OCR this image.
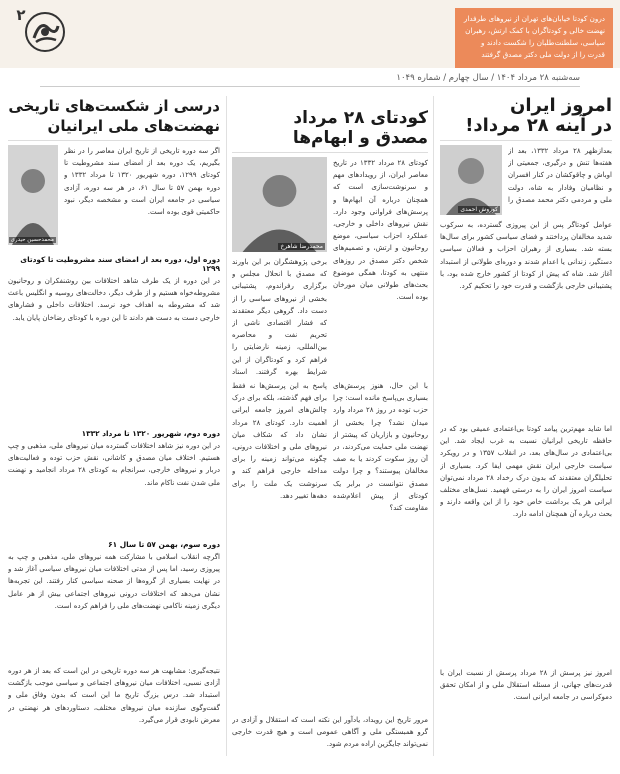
درون کودتا خیابان‌های تهران از نیروهای طرفدار نهضت خالی و کودتاگران با کمک ارتش، رهبران سیاسی، سلطنت‌طلبان را شکست دادند و قدرت را از دولت ملی دکتر مصدق گرفتند
۲
سه‌شنبه ۲۸ مرداد ۱۴۰۴ / سال چهارم / شماره ۱۰۴۹
امروز ایران
در آینه ۲۸ مرداد!
بعدازظهر ۲۸ مرداد ۱۳۳۲، بعد از هفته‌ها تنش و درگیری، جمعیتی از اوباش و چاقوکشان در کنار افسران و نظامیان وفادار به شاه، دولت ملی و مردمی دکتر محمد مصدق را
کوروش احمدی
عوامل کودتاگر پس از این پیروزی گسترده، به سرکوب شدید مخالفان پرداختند و فضای سیاسی کشور برای سال‌ها بسته شد. بسیاری از رهبران احزاب و فعالان سیاسی دستگیر، زندانی یا اعدام شدند و دوره‌ای طولانی از استبداد آغاز شد. شاه که پیش از کودتا از کشور خارج شده بود، با پشتیبانی خارجی بازگشت و قدرت خود را تحکیم کرد.
اما شاید مهم‌ترین پیامد کودتا بی‌اعتمادی عمیقی بود که در حافظه تاریخی ایرانیان نسبت به غرب ایجاد شد. این بی‌اعتمادی در سال‌های بعد، در انقلاب ۱۳۵۷ و در رویکرد سیاست خارجی ایران نقش مهمی ایفا کرد. بسیاری از تحلیلگران معتقدند که بدون درک رخداد ۲۸ مرداد نمی‌توان سیاست امروز ایران را به درستی فهمید. نسل‌های مختلف ایرانی هر یک برداشت خاص خود را از این واقعه دارند و بحث درباره آن همچنان ادامه دارد.
امروز نیز پرسش از ۲۸ مرداد پرسش از نسبت ایران با قدرت‌های جهانی، از مسئله استقلال ملی و از امکان تحقق دموکراسی در جامعه ایرانی است.
کودتای ۲۸ مرداد
مصدق و ابهام‌ها
کودتای ۲۸ مرداد ۱۳۳۲ در تاریخ معاصر ایران، از رویدادهای مهم و سرنوشت‌سازی است که همچنان درباره آن ابهام‌ها و پرسش‌های فراوانی وجود دارد. نقش نیروهای داخلی و خارجی، عملکرد احزاب سیاسی، موضع روحانیون و ارتش، و تصمیم‌های شخص دکتر مصدق در روزهای منتهی به کودتا، همگی موضوع بحث‌های طولانی میان مورخان بوده است.
محمدرضا شاهرخ
برخی پژوهشگران بر این باورند که مصدق با انحلال مجلس و برگزاری رفراندوم، پشتیبانی بخشی از نیروهای سیاسی را از دست داد. گروهی دیگر معتقدند که فشار اقتصادی ناشی از تحریم نفت و محاصره بین‌المللی، زمینه نارضایتی را فراهم کرد و کودتاگران از این شرایط بهره گرفتند. اسناد
با این حال، هنوز پرسش‌های بسیاری بی‌پاسخ مانده است: چرا حزب توده در روز ۲۸ مرداد وارد میدان نشد؟ چرا بخشی از روحانیون و بازاریان که پیشتر از نهضت ملی حمایت می‌کردند، در آن روز سکوت کردند یا به صف مخالفان پیوستند؟ و چرا دولت مصدق نتوانست در برابر یک کودتای از پیش اعلام‌شده مقاومت کند؟
پاسخ به این پرسش‌ها نه فقط برای فهم گذشته، بلکه برای درک چالش‌های امروز جامعه ایرانی اهمیت دارد. کودتای ۲۸ مرداد نشان داد که شکاف میان نیروهای ملی و اختلافات درونی، چگونه می‌تواند زمینه را برای مداخله خارجی فراهم کند و سرنوشت یک ملت را برای دهه‌ها تغییر دهد.
مرور تاریخ این رویداد، یادآور این نکته است که استقلال و آزادی در گرو همبستگی ملی و آگاهی عمومی است و هیچ قدرت خارجی نمی‌تواند جایگزین اراده مردم شود.
درسی از شکست‌های تاریخی
نهضت‌های ملی ایرانیان
اگر سه دوره تاریخی از تاریخ ایران معاصر را در نظر بگیریم، یک دوره بعد از امضای سند مشروطیت تا کودتای ۱۲۹۹، دوره شهریور ۱۳۲۰ تا مرداد ۱۳۳۲ و دوره بهمن ۵۷ تا سال ۶۱، در هر سه دوره، آزادی سیاسی در جامعه ایران است و مشخصه دیگر، نبود حاکمیتی قوی بوده است.
محمدحسین حیدری
دوره اول، دوره بعد از امضای سند مشروطیت تا کودتای ۱۲۹۹
در این دوره از یک طرف شاهد اختلافات بین روشنفکران و روحانیون مشروطه‌خواه هستیم و از طرف دیگر، دخالت‌های روسیه و انگلیس باعث شد که مشروطه به اهداف خود نرسد. اختلافات داخلی و فشارهای خارجی دست به دست هم دادند تا این دوره با کودتای رضاخان پایان یابد.
دوره دوم، شهریور ۱۳۲۰ تا مرداد ۱۳۳۲
در این دوره نیز شاهد اختلافات گسترده میان نیروهای ملی، مذهبی و چپ هستیم. اختلاف میان مصدق و کاشانی، نقش حزب توده و فعالیت‌های دربار و نیروهای خارجی، سرانجام به کودتای ۲۸ مرداد انجامید و نهضت ملی شدن نفت ناکام ماند.
دوره سوم، بهمن ۵۷ تا سال ۶۱
اگرچه انقلاب اسلامی با مشارکت همه نیروهای ملی، مذهبی و چپ به پیروزی رسید، اما پس از مدتی اختلافات میان نیروهای سیاسی آغاز شد و در نهایت بسیاری از گروه‌ها از صحنه سیاسی کنار رفتند. این تجربه‌ها نشان می‌دهد که اختلافات درونی نیروهای اجتماعی بیش از هر عامل دیگری زمینه ناکامی نهضت‌های ملی را فراهم کرده است.
نتیجه‌گیری: مشابهت هر سه دوره تاریخی در این است که بعد از هر دوره آزادی نسبی، اختلافات میان نیروهای اجتماعی و سیاسی موجب بازگشت استبداد شد. درس بزرگ تاریخ ما این است که بدون وفاق ملی و گفت‌وگوی سازنده میان نیروهای مختلف، دستاوردهای هر نهضتی در معرض نابودی قرار می‌گیرد.
